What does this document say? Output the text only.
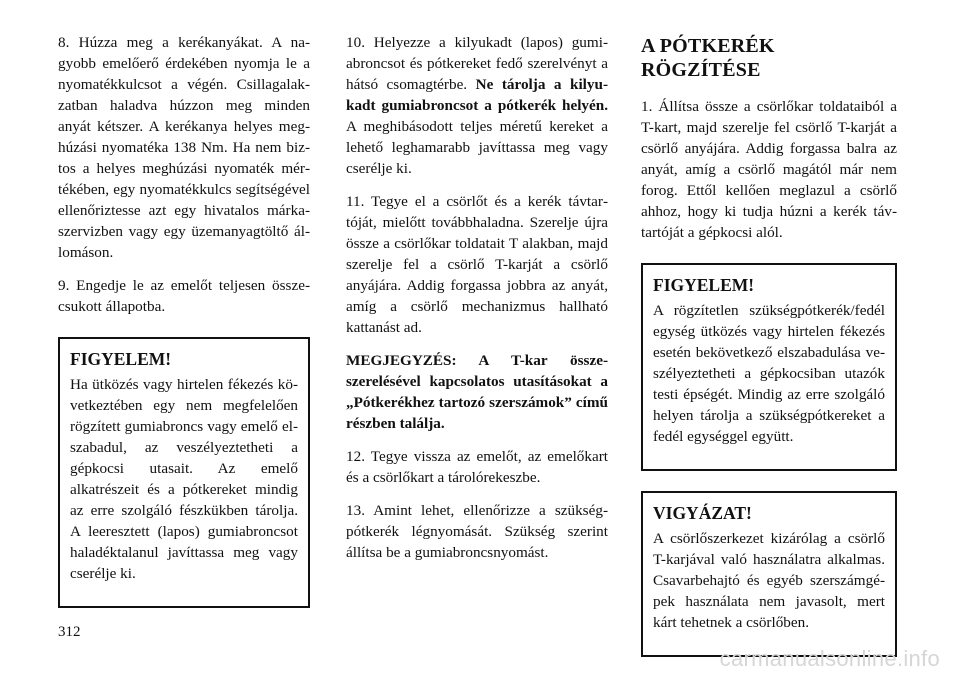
8. Húzza meg a kerékanyákat. A nagyobb emelőerő érdekében nyomja le a nyomatékkulcsot a végén. Csillagalakzatban haladva húzzon meg minden anyát kétszer. A kerékanya helyes meghúzási nyomatéka 138 Nm. Ha nem biztos a helyes meghúzási nyomaték mértékében, egy nyomatékkulcs segítségével ellenőriztesse azt egy hivatalos márkaszervizben vagy egy üzemanyagtöltő állomáson.

9. Engedje le az emelőt teljesen összecsukott állapotba.

FIGYELEM!

Ha ütközés vagy hirtelen fékezés következtében egy nem megfelelően rögzített gumiabroncs vagy emelő elszabadul, az veszélyeztetheti a gépkocsi utasait. Az emelő alkatrészeit és a pótkereket mindig az erre szolgáló fészkükben tárolja. A leeresztett (lapos) gumiabroncsot haladéktalanul javíttassa meg vagy cserélje ki.

10. Helyezze a kilyukadt (lapos) gumiabroncsot és pótkereket fedő szerelvényt a hátsó csomagtérbe. Ne tárolja a kilyukadt gumiabroncsot a pótkerék helyén. A meghibásodott teljes méretű kereket a lehető leghamarabb javíttassa meg vagy cserélje ki.

11. Tegye el a csörlőt és a kerék távtartóját, mielőtt továbbhaladna. Szerelje újra össze a csörlőkar toldatait T alakban, majd szerelje fel a csörlő T-karját a csörlő anyájára. Addig forgassa jobbra az anyát, amíg a csörlő mechanizmus hallható kattanást ad.

MEGJEGYZÉS: A T-kar összeszerelésével kapcsolatos utasításokat a „Pótkerékhez tartozó szerszámok” című részben találja.

12. Tegye vissza az emelőt, az emelőkart és a csörlőkart a tárolórekeszbe.

13. Amint lehet, ellenőrizze a szükségpótkerék légnyomását. Szükség szerint állítsa be a gumiabroncsnyomást.

A PÓTKERÉK RÖGZÍTÉSE

1. Állítsa össze a csörlőkar toldataiból a T-kart, majd szerelje fel csörlő T-karját a csörlő anyájára. Addig forgassa balra az anyát, amíg a csörlő magától már nem forog. Ettől kellően meglazul a csörlő ahhoz, hogy ki tudja húzni a kerék távtartóját a gépkocsi alól.

FIGYELEM!

A rögzítetlen szükségpótkerék/fedél egység ütközés vagy hirtelen fékezés esetén bekövetkező elszabadulása veszélyeztetheti a gépkocsiban utazók testi épségét. Mindig az erre szolgáló helyen tárolja a szükségpótkereket a fedél egységgel együtt.

VIGYÁZAT!

A csörlőszerkezet kizárólag a csörlő T-karjával való használatra alkalmas. Csavarbehajtó és egyéb szerszámgépek használata nem javasolt, mert kárt tehetnek a csörlőben.

312
carmanualsonline.info
